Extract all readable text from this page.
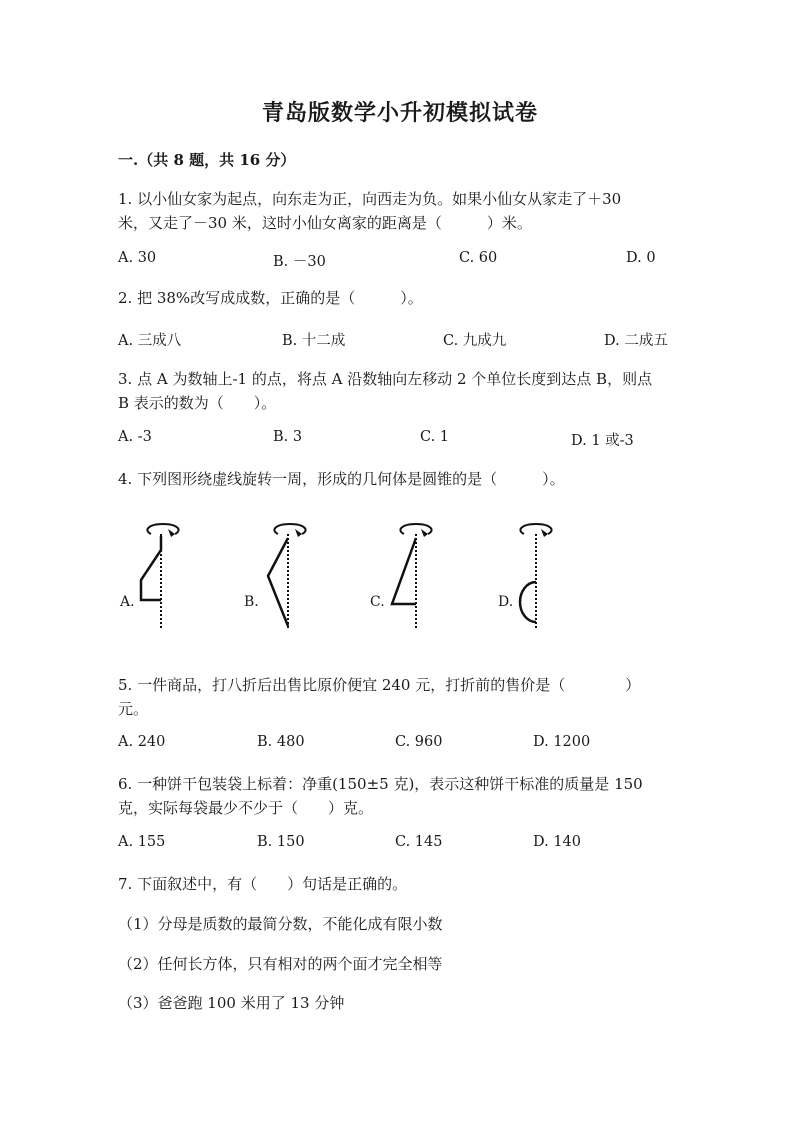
青岛版数学小升初模拟试卷
一.（共 8 题，共 16 分）
1. 以小仙女家为起点，向东走为正，向西走为负。如果小仙女从家走了＋30
米，又走了－30 米，这时小仙女离家的距离是（　　　）米。
A. 30	B. －30	C. 60	D. 0
2. 把 38%改写成成数，正确的是（　　　）。
A. 三成八	B. 十二成	C. 九成九	D. 二成五
3. 点 A 为数轴上-1 的点，将点 A 沿数轴向左移动 2 个单位长度到达点 B，则点
B 表示的数为（　　）。
A. -3	B. 3	C. 1	D. 1 或-3
4. 下列图形绕虚线旋转一周，形成的几何体是圆锥的是（　　　）。
A.	B.	C.	D.
5. 一件商品，打八折后出售比原价便宜 240 元，打折前的售价是（　　　　）
元。
A. 240	B. 480	C. 960	D. 1200
6. 一种饼干包装袋上标着：净重(150±5 克)，表示这种饼干标准的质量是 150
克，实际每袋最少不少于（　　）克。
A. 155	B. 150	C. 145	D. 140
7. 下面叙述中，有（　　）句话是正确的。
（1）分母是质数的最简分数，不能化成有限小数
（2）任何长方体，只有相对的两个面才完全相等
（3）爸爸跑 100 米用了 13 分钟
